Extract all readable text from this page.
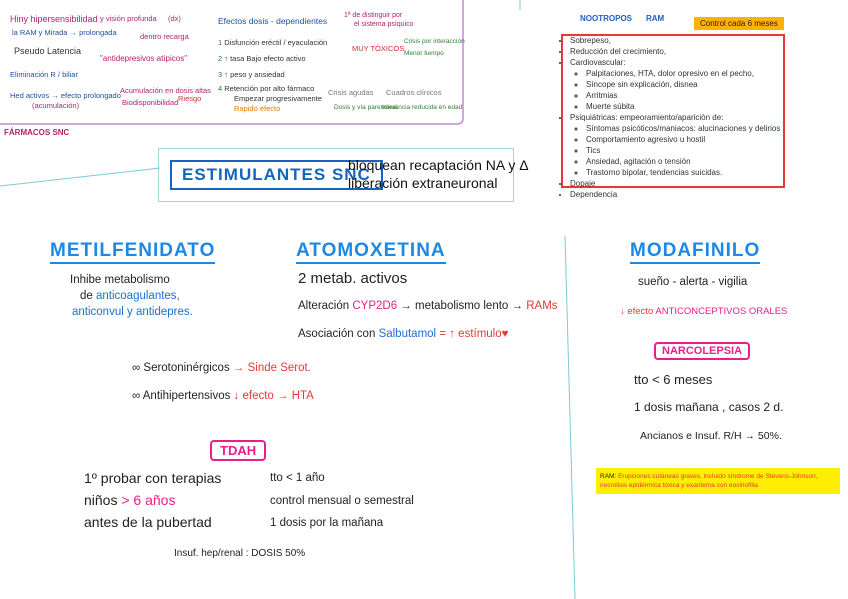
Hiny hipersensibilidad y visión profunda (dx)
la RAM y Mirada → prolongada	dentro recarga
Pseudo Latencia
"antidepresivos atípicos"
Eliminación R / biliar
Hed activos → efecto prolongado
Acumulación en dosis altas
(acumulación)	Biodisponibilidad Riesgo
Efectos dosis - dependientes
1 Disfunción eréctil / eyaculación
2 ↑ tasa Bajo efecto activo
3 ↑ peso y ansiedad
4 Retención por alto fármaco
Empezar progresivamente
Rapido efecto
1ª de distinguir por
el sistema psíquico
MUY TÓXICOS
Crisis por interacción
Menor tiempo
Crisis agudas Cuadros clínicos
Dosis y vía parenteral
tolerancia reducida en edad
FÁRMACOS SNC
ESTIMULANTES SNC
bloquean recaptación NA y Δ
liberación extraneuronal
NOOTROPOS RAM
Control cada 6 meses
• Sobrepeso,
• Reducción del crecimiento,
• Cardiovascular:
◦ Palpitaciones, HTA, dolor opresivo en el pecho,
◦ Síncope sin explicación, disnea
◦ Arritmias
◦ Muerte súbita
• Psiquiátricas: empeoramiento/aparición de:
◦ Síntomas psicóticos/maniacos: alucinaciones y delirios
◦ Comportamiento agresivo u hostil
◦ Tics
◦ Ansiedad, agitación o tensión
◦ Trastorno bipolar, tendencias suicidas.
• Dopaje
• Dependencia
METILFENIDATO
Inhibe metabolismo
de anticoagulantes,
anticonvul y antidepres.
∞ Serotoninérgicos → Sinde Serot.
∞ Antihipertensivos ↓ efecto → HTA
ATOMOXETINA
2 metab. activos
Alteración CYP2D6 → metabolismo lento → RAMs
Asociación con Salbutamol = ↑ estímulo♥
TDAH
1º probar con terapias
niños > 6 años
antes de la pubertad
tto < 1 año
control mensual o semestral
1 dosis por la mañana
Insuf. hep/renal : DOSIS 50%
MODAFINILO
sueño - alerta - vigilia
↓ efecto ANTICONCEPTIVOS ORALES
NARCOLEPSIA
tto < 6 meses
1 dosis mañana , casos 2 d.
Ancianos e Insuf. R/H → 50%.
RAM: Erupciones cutáneas graves, incluido síndrome de Stevens-Johnson, necrolisis epidérmica tóxica y exantema con eosinofilia
